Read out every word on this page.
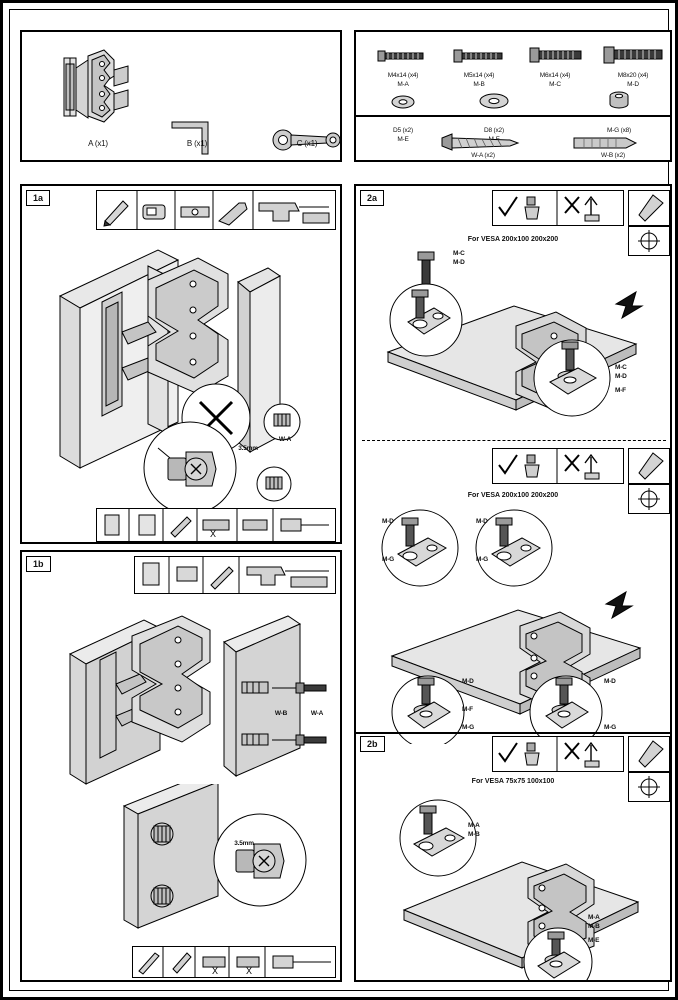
A (x1)	B (x1)	C (x1)
M4x14 (x4)
M-A
M5x14 (x4)
M-B
M6x14 (x4)
M-C
M8x20 (x4)
M-D
D5 (x2)
M-E
D8 (x2)	M-G (x8)
W-A (x2)	W-B (x2)
1a
W-A
3.5mm
X
1b
W-B	W-A
3.5mm
X	X
2a
For VESA 200x100 200x200
M-C
M-D
M-C
M-D
M-F
For VESA 200x100 200x200
M-D
M-G
M-D
M-G
M-D
M-F
M-G
M-D
M-G
2b
For VESA 75x75 100x100
M-A
M-B
M-A
M-B
M-E
